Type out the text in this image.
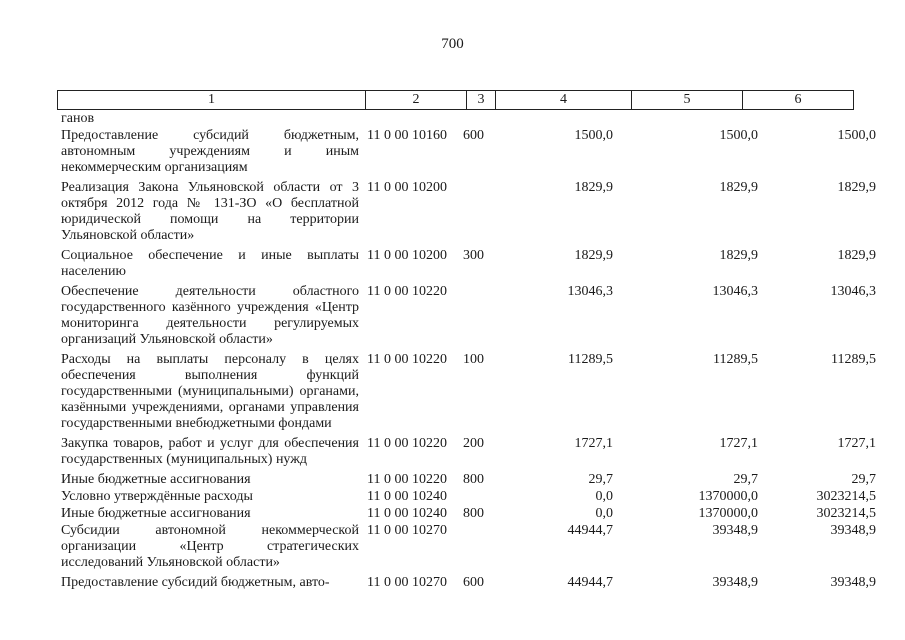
700
1	2	3	4	5	6
ганов					
Предоставление субсидий бюджетным, автономным учреждениям и иным некоммерческим организациям	11 0 00 10160	600	1500,0	1500,0	1500,0
Реализация Закона Ульяновской области от 3 октября 2012 года № 131-ЗО «О бесплатной юридической помощи на территории Ульяновской области»	11 0 00 10200		1829,9	1829,9	1829,9
Социальное обеспечение и иные выплаты населению	11 0 00 10200	300	1829,9	1829,9	1829,9
Обеспечение деятельности областного государственного казённого учреждения «Центр мониторинга деятельности регулируемых организаций Ульяновской области»	11 0 00 10220		13046,3	13046,3	13046,3
Расходы на выплаты персоналу в целях обеспечения выполнения функций государственными (муниципальными) органами, казёнными учреждениями, органами управления государственными внебюджетными фондами	11 0 00 10220	100	11289,5	11289,5	11289,5
Закупка товаров, работ и услуг для обеспечения государственных (муниципальных) нужд	11 0 00 10220	200	1727,1	1727,1	1727,1
Иные бюджетные ассигнования	11 0 00 10220	800	29,7	29,7	29,7
Условно утверждённые расходы	11 0 00 10240		0,0	1370000,0	3023214,5
Иные бюджетные ассигнования	11 0 00 10240	800	0,0	1370000,0	3023214,5
Субсидии автономной некоммерческой организации «Центр стратегических исследований Ульяновской области»	11 0 00 10270		44944,7	39348,9	39348,9
Предоставление субсидий бюджетным, авто-	11 0 00 10270	600	44944,7	39348,9	39348,9
